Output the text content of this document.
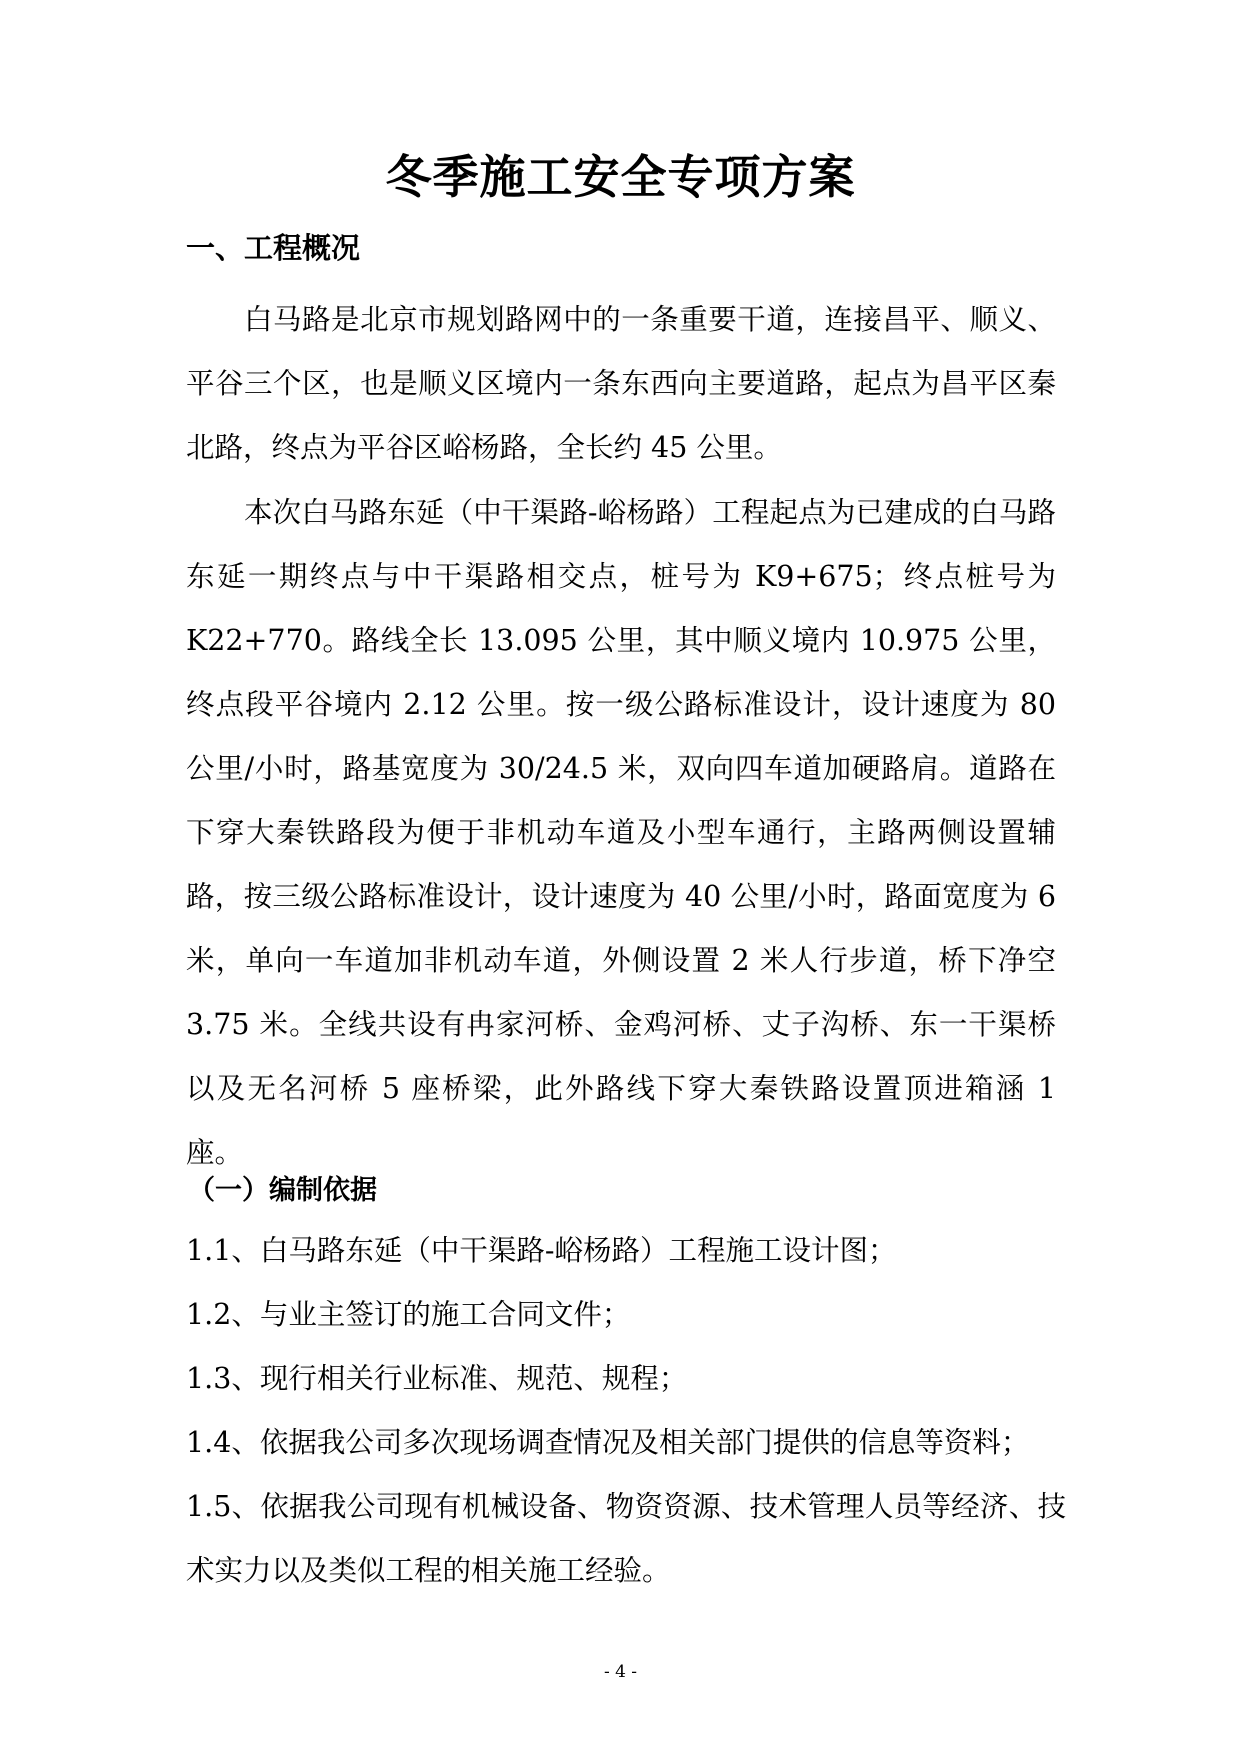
冬季施工安全专项方案
一、工程概况

白马路是北京市规划路网中的一条重要干道，连接昌平、顺义、平谷三个区，也是顺义区境内一条东西向主要道路，起点为昌平区秦北路，终点为平谷区峪杨路，全长约 45 公里。

本次白马路东延（中干渠路-峪杨路）工程起点为已建成的白马路东延一期终点与中干渠路相交点，桩号为 K9+675；终点桩号为 K22+770。路线全长 13.095 公里，其中顺义境内 10.975 公里，终点段平谷境内 2.12 公里。按一级公路标准设计，设计速度为 80 公里/小时，路基宽度为 30/24.5 米，双向四车道加硬路肩。道路在下穿大秦铁路段为便于非机动车道及小型车通行，主路两侧设置辅路，按三级公路标准设计，设计速度为 40 公里/小时，路面宽度为 6 米，单向一车道加非机动车道，外侧设置 2 米人行步道，桥下净空 3.75 米。全线共设有冉家河桥、金鸡河桥、丈子沟桥、东一干渠桥以及无名河桥 5 座桥梁，此外路线下穿大秦铁路设置顶进箱涵 1 座。

（一）编制依据
1.1、白马路东延（中干渠路-峪杨路）工程施工设计图；
1.2、与业主签订的施工合同文件；
1.3、现行相关行业标准、规范、规程；
1.4、依据我公司多次现场调查情况及相关部门提供的信息等资料；
1.5、依据我公司现有机械设备、物资资源、技术管理人员等经济、技术实力以及类似工程的相关施工经验。
- 4 -
